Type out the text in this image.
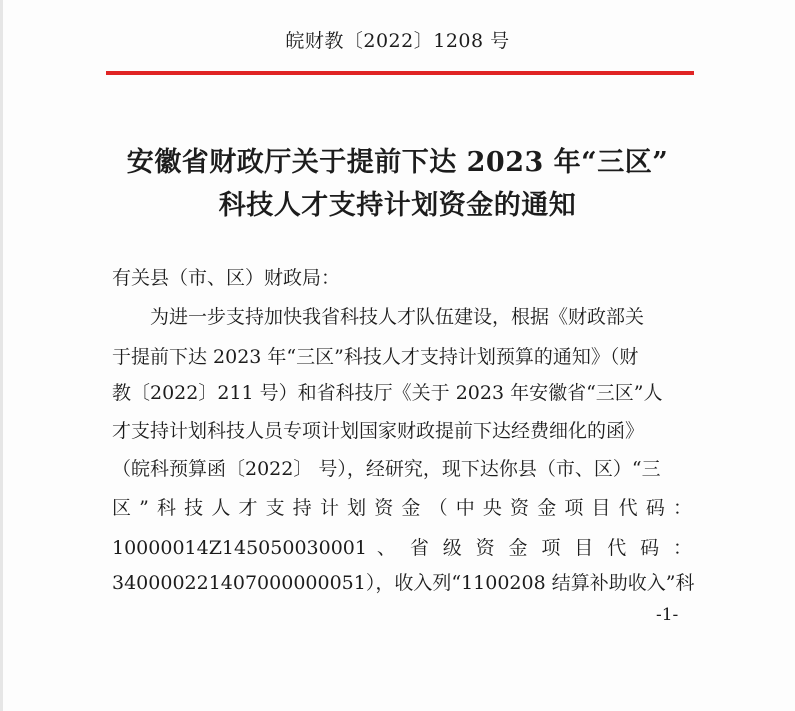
皖财教〔2022〕1208 号
安徽省财政厅关于提前下达 2023 年“三区”
科技人才支持计划资金的通知
有关县（市、区）财政局：
为进一步支持加快我省科技人才队伍建设，根据《财政部关
于提前下达 2023 年“三区”科技人才支持计划预算的通知》（财
教〔2022〕211 号）和省科技厅《关于 2023 年安徽省“三区”人
才支持计划科技人员专项计划国家财政提前下达经费细化的函》
（皖科预算函〔2022〕 号），经研究，现下达你县（市、区）“三
区”科技人才支持计划资金（中央资金项目代码：
10000014Z145050030001 、 省 级 资 金 项 目 代 码 ：
340000221407000000051），收入列“1100208 结算补助收入”科
-1-
